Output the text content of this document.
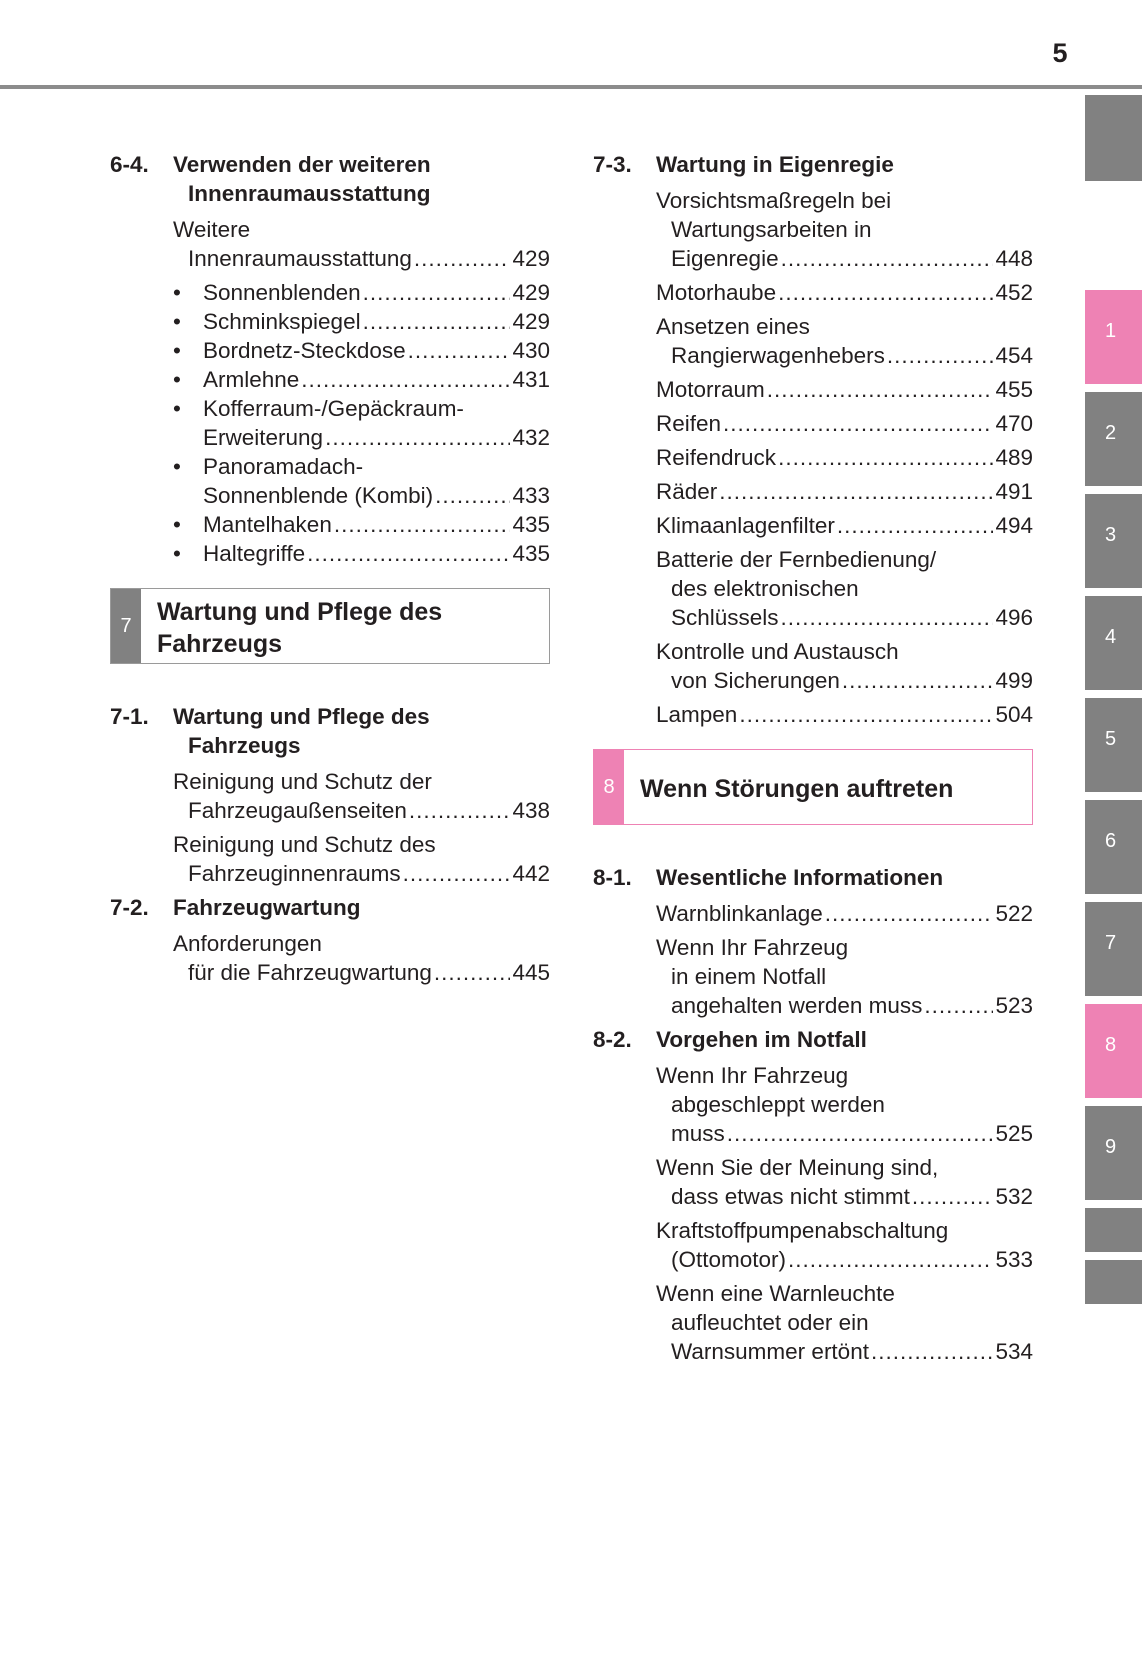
5
1
2
3
4
5
6
7
8
9
6-4. Verwenden der weiteren
Innenraumausstattung
Weitere
Innenraumausstattung .....	429
• Sonnenblenden .....	429
• Schminkspiegel .....	429
• Bordnetz-Steckdose .....	430
• Armlehne .....	431
• Kofferraum-/Gepäckraum-
Erweiterung .....	432
• Panoramadach-
Sonnenblende (Kombi) .....	433
• Mantelhaken .....	435
• Haltegriffe .....	435
7	Wartung und Pflege des
Fahrzeugs
7-1. Wartung und Pflege des
Fahrzeugs
Reinigung und Schutz der
Fahrzeugaußenseiten .....	438
Reinigung und Schutz des
Fahrzeuginnenraums .....	442
7-2. Fahrzeugwartung
Anforderungen
für die Fahrzeugwartung .....	445
7-3. Wartung in Eigenregie
Vorsichtsmaßregeln bei
Wartungsarbeiten in
Eigenregie .....	448
Motorhaube .....	452
Ansetzen eines
Rangierwagenhebers .....	454
Motorraum .....	455
Reifen .....	470
Reifendruck .....	489
Räder .....	491
Klimaanlagenfilter .....	494
Batterie der Fernbedienung/
des elektronischen
Schlüssels .....	496
Kontrolle und Austausch
von Sicherungen .....	499
Lampen .....	504
8	Wenn Störungen auftreten
8-1. Wesentliche Informationen
Warnblinkanlage .....	522
Wenn Ihr Fahrzeug
in einem Notfall
angehalten werden muss .....	523
8-2. Vorgehen im Notfall
Wenn Ihr Fahrzeug
abgeschleppt werden
muss .....	525
Wenn Sie der Meinung sind,
dass etwas nicht stimmt .....	532
Kraftstoffpumpenabschaltung
(Ottomotor) .....	533
Wenn eine Warnleuchte
aufleuchtet oder ein
Warnsummer ertönt .....	534
